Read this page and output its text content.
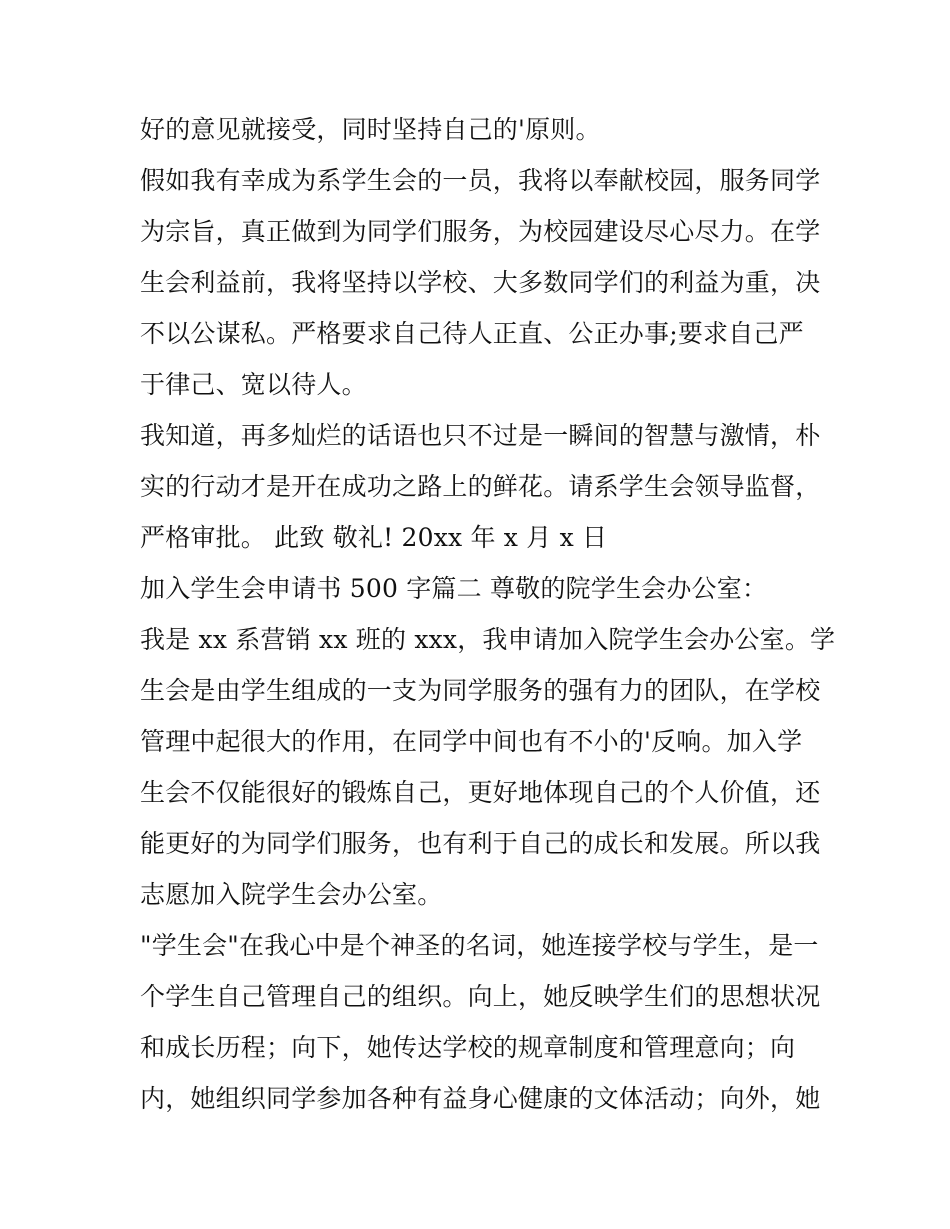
好的意见就接受，同时坚持自己的'原则。
假如我有幸成为系学生会的一员，我将以奉献校园，服务同学
为宗旨，真正做到为同学们服务，为校园建设尽心尽力。在学
生会利益前，我将坚持以学校、大多数同学们的利益为重，决
不以公谋私。严格要求自己待人正直、公正办事;要求自己严
于律己、宽以待人。
我知道，再多灿烂的话语也只不过是一瞬间的智慧与激情，朴
实的行动才是开在成功之路上的鲜花。请系学生会领导监督，
严格审批。 此致 敬礼! 20xx 年 x 月 x 日
加入学生会申请书 500 字篇二 尊敬的院学生会办公室：
我是 xx 系营销 xx 班的 xxx，我申请加入院学生会办公室。学
生会是由学生组成的一支为同学服务的强有力的团队，在学校
管理中起很大的作用，在同学中间也有不小的'反响。加入学
生会不仅能很好的锻炼自己，更好地体现自己的个人价值，还
能更好的为同学们服务，也有利于自己的成长和发展。所以我
志愿加入院学生会办公室。
"学生会"在我心中是个神圣的名词，她连接学校与学生，是一
个学生自己管理自己的组织。向上，她反映学生们的思想状况
和成长历程；向下，她传达学校的规章制度和管理意向；向
内，她组织同学参加各种有益身心健康的文体活动；向外，她
